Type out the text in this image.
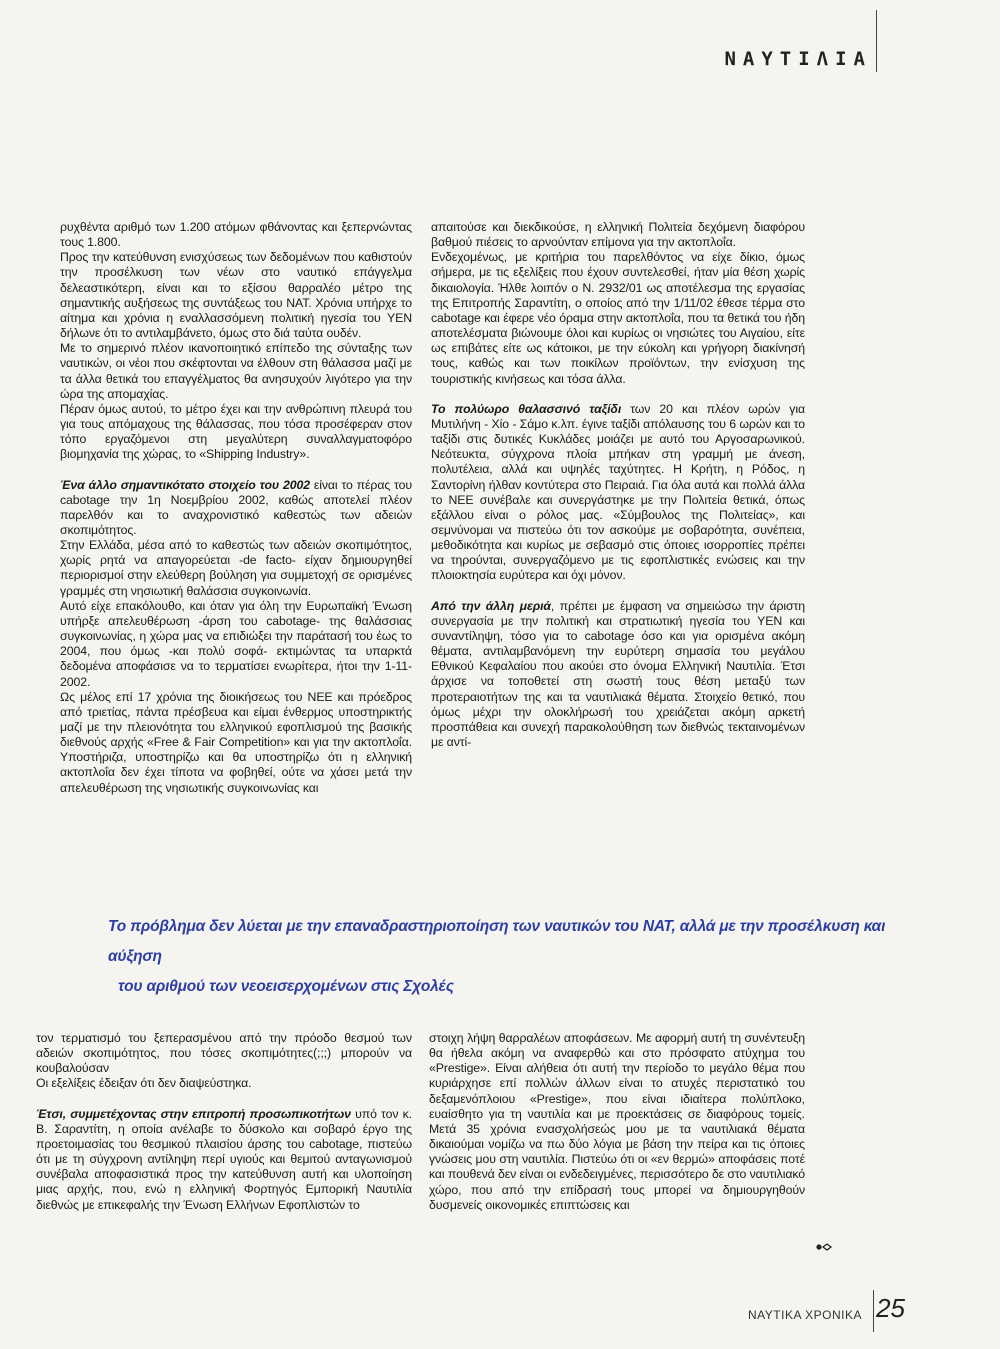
ΝΑΥΤΙΛΙΑ

ρυχθέντα αριθμό των 1.200 ατόμων φθάνοντας και ξεπερνώντας τους 1.800.

Προς την κατεύθυνση ενισχύσεως των δεδομένων που καθιστούν την προσέλκυση των νέων στο ναυτικό επάγγελμα δελεαστικότερη, είναι και το εξίσου θαρραλέο μέτρο της σημαντικής αυξήσεως της συντάξεως του ΝΑΤ. Χρόνια υπήρχε το αίτημα και χρόνια η εναλλασσόμενη πολιτική ηγεσία του ΥΕΝ δήλωνε ότι το αντιλαμβάνετο, όμως στο διά ταύτα ουδέν.

Με το σημερινό πλέον ικανοποιητικό επίπεδο της σύνταξης των ναυτικών, οι νέοι που σκέφτονται να έλθουν στη θάλασσα μαζί με τα άλλα θετικά του επαγγέλματος θα ανησυχούν λιγότερο για την ώρα της απομαχίας.

Πέραν όμως αυτού, το μέτρο έχει και την ανθρώπινη πλευρά του για τους απόμαχους της θάλασσας, που τόσα προσέφεραν στον τόπο εργαζόμενοι στη μεγαλύτερη συναλλαγματοφόρο βιομηχανία της χώρας, το «Shipping Industry».

Ένα άλλο σημαντικότατο στοιχείο του 2002 είναι το πέρας του cabotage την 1η Νοεμβρίου 2002, καθώς αποτελεί πλέον παρελθόν και το αναχρονιστικό καθεστώς των αδειών σκοπιμότητος.

Στην Ελλάδα, μέσα από το καθεστώς των αδειών σκοπιμότητος, χωρίς ρητά να απαγορεύεται -de facto- είχαν δημιουργηθεί περιορισμοί στην ελεύθερη βούληση για συμμετοχή σε ορισμένες γραμμές στη νησιωτική θαλάσσια συγκοινωνία.

Αυτό είχε επακόλουθο, και όταν για όλη την Ευρωπαϊκή Ένωση υπήρξε απελευθέρωση -άρση του cabotage- της θαλάσσιας συγκοινωνίας, η χώρα μας να επιδιώξει την παράτασή του έως το 2004, που όμως -και πολύ σοφά- εκτιμώντας τα υπαρκτά δεδομένα αποφάσισε να το τερματίσει ενωρίτερα, ήτοι την 1-11-2002.

Ως μέλος επί 17 χρόνια της διοικήσεως του ΝΕΕ και πρόεδρος από τριετίας, πάντα πρέσβευα και είμαι ένθερμος υποστηρικτής μαζί με την πλειονότητα του ελληνικού εφοπλισμού της βασικής διεθνούς αρχής «Free & Fair Competition» και για την ακτοπλοΐα. Υποστήριζα, υποστηρίζω και θα υποστηρίζω ότι η ελληνική ακτοπλοΐα δεν έχει τίποτα να φοβηθεί, ούτε να χάσει μετά την απελευθέρωση της νησιωτικής συγκοινωνίας και

απαιτούσε και διεκδικούσε, η ελληνική Πολιτεία δεχόμενη διαφόρου βαθμού πιέσεις το αρνούνταν επίμονα για την ακτοπλοΐα.

Ενδεχομένως, με κριτήρια του παρελθόντος να είχε δίκιο, όμως σήμερα, με τις εξελίξεις που έχουν συντελεσθεί, ήταν μία θέση χωρίς δικαιολογία. Ήλθε λοιπόν ο Ν. 2932/01 ως αποτέλεσμα της εργασίας της Επιτροπής Σαραντίτη, ο οποίος από την 1/11/02 έθεσε τέρμα στο cabotage και έφερε νέο όραμα στην ακτοπλοΐα, που τα θετικά του ήδη αποτελέσματα βιώνουμε όλοι και κυρίως οι νησιώτες του Αιγαίου, είτε ως επιβάτες είτε ως κάτοικοι, με την εύκολη και γρήγορη διακίνησή τους, καθώς και των ποικίλων προϊόντων, την ενίσχυση της τουριστικής κινήσεως και τόσα άλλα.

Το πολύωρο θαλασσινό ταξίδι των 20 και πλέον ωρών για Μυτιλήνη - Χίο - Σάμο κ.λπ. έγινε ταξίδι απόλαυσης του 6 ωρών και το ταξίδι στις δυτικές Κυκλάδες μοιάζει με αυτό του Αργοσαρωνικού. Νεότευκτα, σύγχρονα πλοία μπήκαν στη γραμμή με άνεση, πολυτέλεια, αλλά και υψηλές ταχύτητες. Η Κρήτη, η Ρόδος, η Σαντορίνη ήλθαν κοντύτερα στο Πειραιά. Για όλα αυτά και πολλά άλλα το ΝΕΕ συνέβαλε και συνεργάστηκε με την Πολιτεία θετικά, όπως εξάλλου είναι ο ρόλος μας. «Σύμβουλος της Πολιτείας», και σεμνύνομαι να πιστεύω ότι τον ασκούμε με σοβαρότητα, συνέπεια, μεθοδικότητα και κυρίως με σεβασμό στις όποιες ισορροπίες πρέπει να τηρούνται, συνεργαζόμενο με τις εφοπλιστικές ενώσεις και την πλοιοκτησία ευρύτερα και όχι μόνον.

Από την άλλη μεριά, πρέπει με έμφαση να σημειώσω την άριστη συνεργασία με την πολιτική και στρατιωτική ηγεσία του ΥΕΝ και συναντίληψη, τόσο για το cabotage όσο και για ορισμένα ακόμη θέματα, αντιλαμβανόμενη την ευρύτερη σημασία του μεγάλου Εθνικού Κεφαλαίου που ακούει στο όνομα Ελληνική Ναυτιλία. Έτσι άρχισε να τοποθετεί στη σωστή τους θέση μεταξύ των προτεραιοτήτων της και τα ναυτιλιακά θέματα. Στοιχείο θετικό, που όμως μέχρι την ολοκλήρωσή του χρειάζεται ακόμη αρκετή προσπάθεια και συνεχή παρακολούθηση των διεθνώς τεκταινομένων με αντί-

Το πρόβλημα δεν λύεται με την επαναδραστηριοποίηση των ναυτικών του ΝΑΤ, αλλά με την προσέλκυση και αύξηση
του αριθμού των νεοεισερχομένων στις Σχολές

τον τερματισμό του ξεπερασμένου από την πρόοδο θεσμού των αδειών σκοπιμότητος, που τόσες σκοπιμότητες(;;;) μπορούν να κουβαλούσαν

Οι εξελίξεις έδειξαν ότι δεν διαψεύστηκα.

Έτσι, συμμετέχοντας στην επιτροπή προσωπικοτήτων υπό τον κ. Β. Σαραντίτη, η οποία ανέλαβε το δύσκολο και σοβαρό έργο της προετοιμασίας του θεσμικού πλαισίου άρσης του cabotage, πιστεύω ότι με τη σύγχρονη αντίληψη περί υγιούς και θεμιτού ανταγωνισμού συνέβαλα αποφασιστικά προς την κατεύθυνση αυτή και υλοποίηση μιας αρχής, που, ενώ η ελληνική Φορτηγός Εμπορική Ναυτιλία διεθνώς με επικεφαλής την Ένωση Ελλήνων Εφοπλιστών το

στοιχη λήψη θαρραλέων αποφάσεων. Με αφορμή αυτή τη συνέντευξη θα ήθελα ακόμη να αναφερθώ και στο πρόσφατο ατύχημα του «Prestige». Είναι αλήθεια ότι αυτή την περίοδο το μεγάλο θέμα που κυριάρχησε επί πολλών άλλων είναι το ατυχές περιστατικό του δεξαμενόπλοιου «Prestige», που είναι ιδιαίτερα πολύπλοκο, ευαίσθητο για τη ναυτιλία και με προεκτάσεις σε διαφόρους τομείς. Μετά 35 χρόνια ενασχολήσεώς μου με τα ναυτιλιακά θέματα δικαιούμαι νομίζω να πω δύο λόγια με βάση την πείρα και τις όποιες γνώσεις μου στη ναυτιλία. Πιστεύω ότι οι «εν θερμώ» αποφάσεις ποτέ και πουθενά δεν είναι οι ενδεδειγμένες, περισσότερο δε στο ναυτιλιακό χώρο, που από την επίδρασή τους μπορεί να δημιουργηθούν δυσμενείς οικονομικές επιπτώσεις και

ΝΑΥΤΙΚΑ ΧΡΟΝΙΚΑ 25
